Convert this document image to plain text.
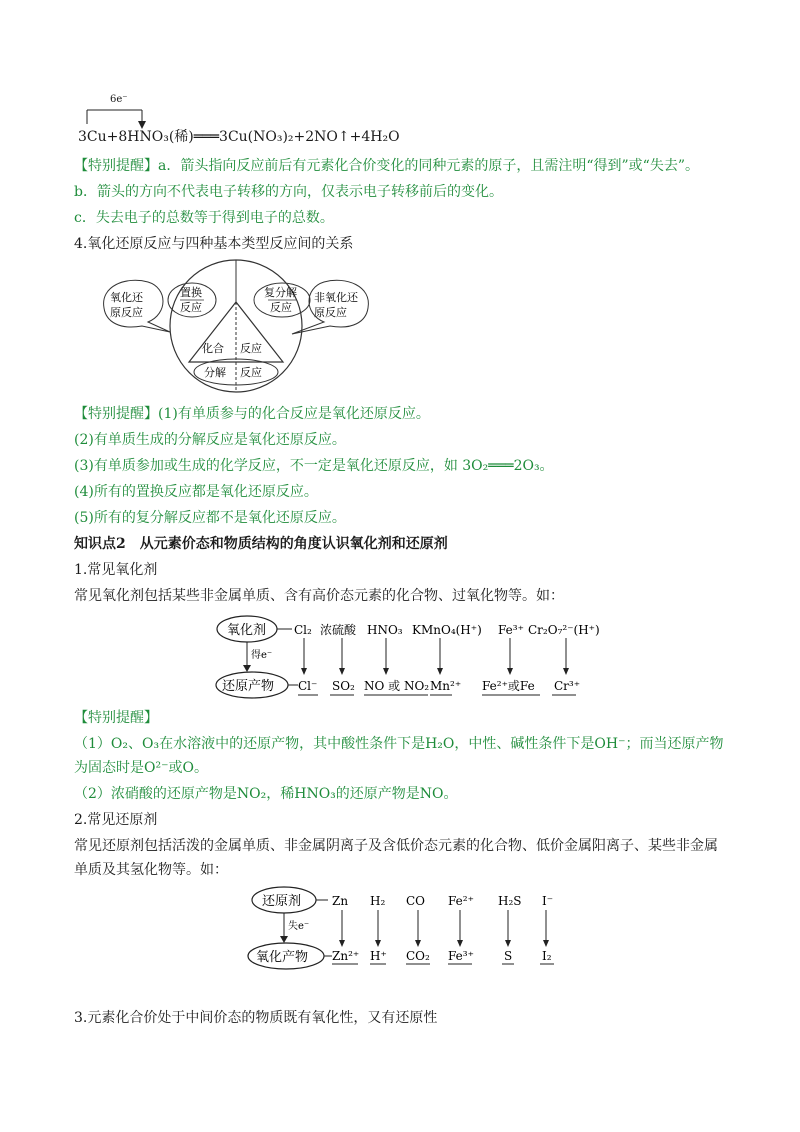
6e⁻
3Cu+8HNO₃(稀)═══3Cu(NO₃)₂+2NO↑+4H₂O
【特别提醒】a．箭头指向反应前后有元素化合价变化的同种元素的原子，且需注明“得到”或“失去”。
b．箭头的方向不代表电子转移的方向，仅表示电子转移前后的变化。
c．失去电子的总数等于得到电子的总数。
4.氧化还原反应与四种基本类型反应间的关系
氧化还
原反应
非氧化还
原反应
置换
反应
复分解
反应
化合 反应
分解 反应
【特别提醒】(1)有单质参与的化合反应是氧化还原反应。
(2)有单质生成的分解反应是氧化还原反应。
(3)有单质参加或生成的化学反应，不一定是氧化还原反应，如 3O₂═══2O₃。
(4)所有的置换反应都是氧化还原反应。
(5)所有的复分解反应都不是氧化还原反应。
知识点2　从元素价态和物质结构的角度认识氧化剂和还原剂
1.常见氧化剂
常见氧化剂包括某些非金属单质、含有高价态元素的化合物、过氧化物等。如：
氧化剂
还原产物
得e⁻
Cl₂ 浓硫酸 HNO₃ KMnO₄(H⁺) Fe³⁺ Cr₂O₇²⁻(H⁺)
Cl⁻ SO₂ NO 或 NO₂ Mn²⁺ Fe²⁺或Fe Cr³⁺
【特别提醒】
（1）O₂、O₃在水溶液中的还原产物，其中酸性条件下是H₂O，中性、碱性条件下是OH⁻；而当还原产物
为固态时是O²⁻或O。
（2）浓硝酸的还原产物是NO₂，稀HNO₃的还原产物是NO。
2.常见还原剂
常见还原剂包括活泼的金属单质、非金属阴离子及含低价态元素的化合物、低价金属阳离子、某些非金属
单质及其氢化物等。如：
还原剂
氧化产物
失e⁻
Zn H₂ CO Fe²⁺ H₂S I⁻
Zn²⁺ H⁺ CO₂ Fe³⁺	S I₂
3.元素化合价处于中间价态的物质既有氧化性，又有还原性
